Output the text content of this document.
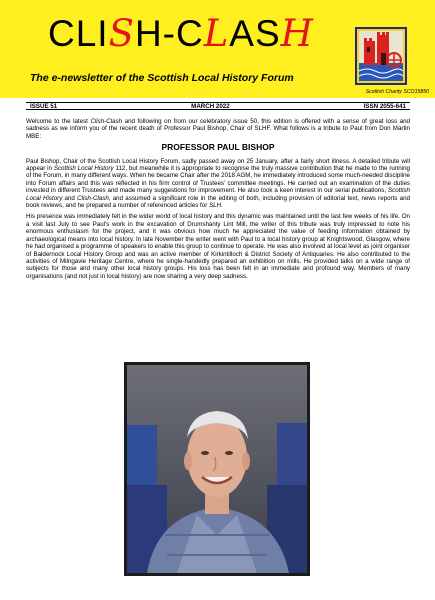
CLISH-CLASH
The e-newsletter of the Scottish Local History Forum
Scottish Charity SCO15850
ISSUE 51	MARCH 2022	ISSN 2055-641

Welcome to the latest Clish-Clash and following on from our celebratory issue 50, this edition is offered with a sense of great loss and sadness as we inform you of the recent death of Professor Paul Bishop, Chair of SLHF. What follows is a tribute to Paul from Don Martin MBE:

PROFESSOR PAUL BISHOP

Paul Bishop, Chair of the Scottish Local History Forum, sadly passed away on 25 January, after a fairly short illness. A detailed tribute will appear in Scottish Local History 112, but meanwhile it is appropriate to recognise the truly massive contribution that he made to the running of the Forum, in many different ways. When he became Chair after the 2018 AGM, he immediately introduced some much-needed discipline into Forum affairs and this was reflected in his firm control of Trustees' committee meetings. He carried out an examination of the duties invested in different Trustees and made many suggestions for improvement. He also took a keen interest in our serial publications, Scottish Local History and Clish-Clash, and assumed a significant role in the editing of both, including provision of editorial text, news reports and book reviews, and he prepared a number of referenced articles for SLH.

His presence was immediately felt in the wider world of local history and this dynamic was maintained until the last few weeks of his life. On a visit last July to see Paul's work in the excavation of Drumshanty Lint Mill, the writer of this tribute was truly impressed to note his enormous enthusiasm for the project, and it was obvious how much he appreciated the value of feeding information obtained by archaeological means into local history. In late November the writer went with Paul to a local history group at Knightswood, Glasgow, where he had organised a programme of speakers to enable this group to continue to operate. He was also involved at local level as joint organiser of Baldernock Local History Group and was an active member of Kirkintilloch & District Society of Antiquaries. He also contributed to the activities of Milngavie Heritage Centre, where he single-handedly prepared an exhibition on mills. He provided talks on a wide range of subjects for those and many other local history groups. His loss has been felt in an immediate and profound way. Members of many organisations (and not just in local history) are now sharing a very deep sadness.
